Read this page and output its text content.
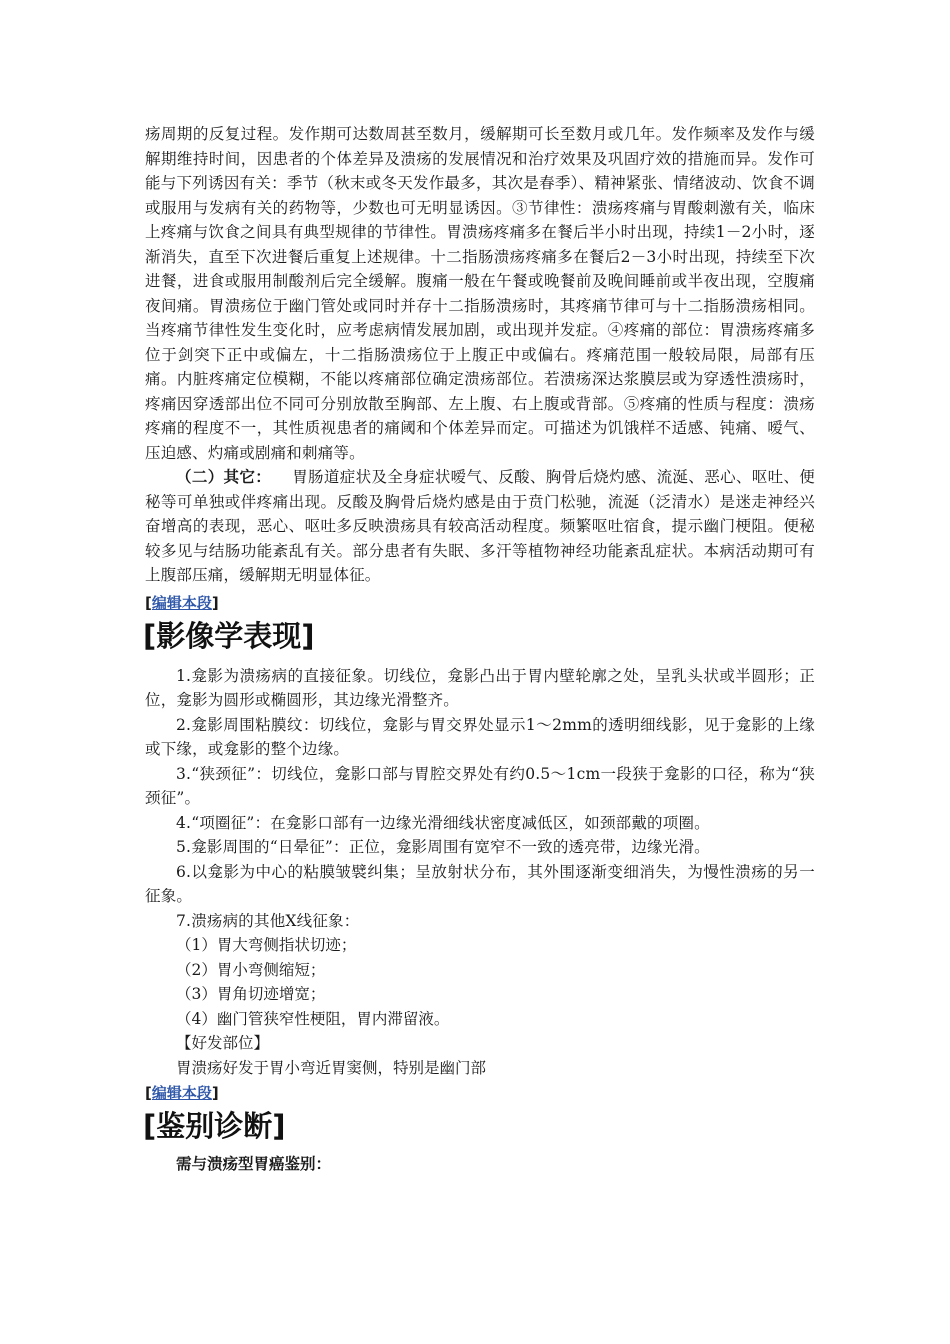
疡周期的反复过程。发作期可达数周甚至数月，缓解期可长至数月或几年。发作频率及发作与缓解期维持时间，因患者的个体差异及溃疡的发展情况和治疗效果及巩固疗效的措施而异。发作可能与下列诱因有关：季节（秋末或冬天发作最多，其次是春季）、精神紧张、情绪波动、饮食不调或服用与发病有关的药物等，少数也可无明显诱因。③节律性：溃疡疼痛与胃酸刺激有关，临床上疼痛与饮食之间具有典型规律的节律性。胃溃疡疼痛多在餐后半小时出现，持续1－2小时，逐渐消失，直至下次进餐后重复上述规律。十二指肠溃疡疼痛多在餐后2－3小时出现，持续至下次进餐，进食或服用制酸剂后完全缓解。腹痛一般在午餐或晚餐前及晚间睡前或半夜出现，空腹痛夜间痛。胃溃疡位于幽门管处或同时并存十二指肠溃疡时，其疼痛节律可与十二指肠溃疡相同。当疼痛节律性发生变化时，应考虑病情发展加剧，或出现并发症。④疼痛的部位：胃溃疡疼痛多位于剑突下正中或偏左，十二指肠溃疡位于上腹正中或偏右。疼痛范围一般较局限，局部有压痛。内脏疼痛定位模糊，不能以疼痛部位确定溃疡部位。若溃疡深达浆膜层或为穿透性溃疡时，疼痛因穿透部出位不同可分别放散至胸部、左上腹、右上腹或背部。⑤疼痛的性质与程度：溃疡疼痛的程度不一，其性质视患者的痛阈和个体差异而定。可描述为饥饿样不适感、钝痛、嗳气、压迫感、灼痛或剧痛和刺痛等。

（二）其它： 胃肠道症状及全身症状嗳气、反酸、胸骨后烧灼感、流涎、恶心、呕吐、便秘等可单独或伴疼痛出现。反酸及胸骨后烧灼感是由于贲门松驰，流涎（泛清水）是迷走神经兴奋增高的表现，恶心、呕吐多反映溃疡具有较高活动程度。频繁呕吐宿食，提示幽门梗阻。便秘较多见与结肠功能紊乱有关。部分患者有失眠、多汗等植物神经功能紊乱症状。本病活动期可有上腹部压痛，缓解期无明显体征。

[编辑本段]

[影像学表现]

1.龛影为溃疡病的直接征象。切线位，龛影凸出于胃内壁轮廓之处，呈乳头状或半圆形；正位，龛影为圆形或椭圆形，其边缘光滑整齐。

2.龛影周围粘膜纹：切线位，龛影与胃交界处显示1～2mm的透明细线影，见于龛影的上缘或下缘，或龛影的整个边缘。

3.“狭颈征”：切线位，龛影口部与胃腔交界处有约0.5～1cm一段狭于龛影的口径，称为“狭颈征”。

4.“项圈征”：在龛影口部有一边缘光滑细线状密度减低区，如颈部戴的项圈。

5.龛影周围的“日晕征”：正位，龛影周围有宽窄不一致的透亮带，边缘光滑。

6.以龛影为中心的粘膜皱襞纠集；呈放射状分布，其外围逐渐变细消失，为慢性溃疡的另一征象。

7.溃疡病的其他X线征象：

（1）胃大弯侧指状切迹；

（2）胃小弯侧缩短；

（3）胃角切迹增宽；

（4）幽门管狭窄性梗阻，胃内滞留液。

【好发部位】

胃溃疡好发于胃小弯近胃窦侧，特别是幽门部

[编辑本段]

[鉴别诊断]

需与溃疡型胃癌鉴别：
